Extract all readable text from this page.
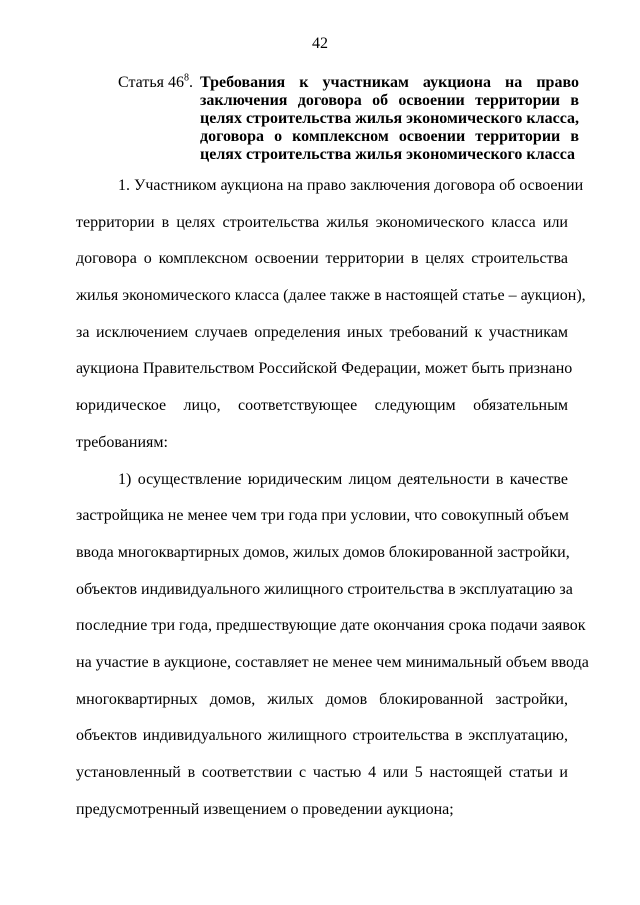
42
Статья $46^8$. Требования к участникам аукциона на право
заключения договора об освоении территории в
целях строительства жилья экономического класса,
договора о комплексном освоении территории в
целях строительства жилья экономического класса
1. Участником аукциона на право заключения договора об освоении
территории в целях строительства жилья экономического класса или
договора о комплексном освоении территории в целях строительства
жилья экономического класса (далее также в настоящей статье – аукцион),
за исключением случаев определения иных требований к участникам
аукциона Правительством Российской Федерации, может быть признано
юридическое лицо, соответствующее следующим обязательным
требованиям:
1) осуществление юридическим лицом деятельности в качестве
застройщика не менее чем три года при условии, что совокупный объем
ввода многоквартирных домов, жилых домов блокированной застройки,
объектов индивидуального жилищного строительства в эксплуатацию за
последние три года, предшествующие дате окончания срока подачи заявок
на участие в аукционе, составляет не менее чем минимальный объем ввода
многоквартирных домов, жилых домов блокированной застройки,
объектов индивидуального жилищного строительства в эксплуатацию,
установленный в соответствии с частью 4 или 5 настоящей статьи и
предусмотренный извещением о проведении аукциона;
